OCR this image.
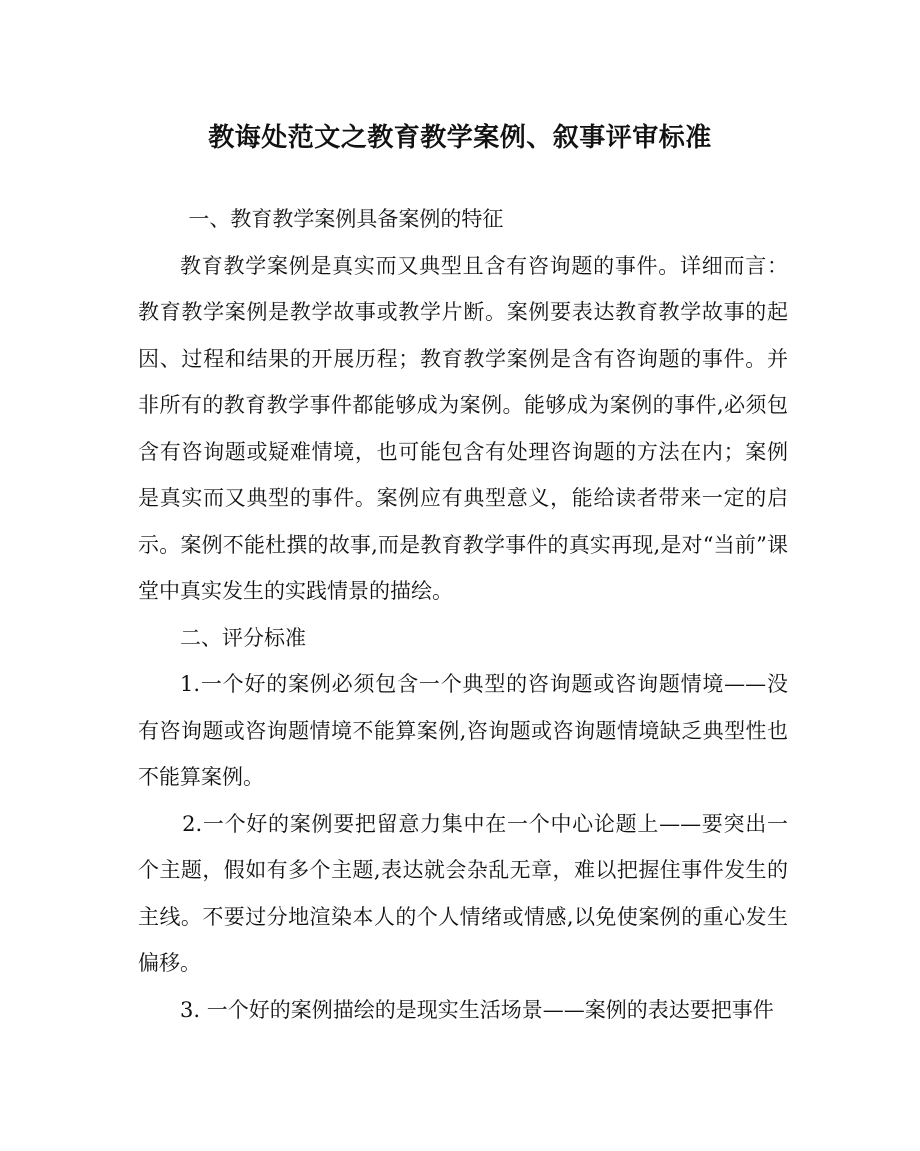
教诲处范文之教育教学案例、叙事评审标准

一、教育教学案例具备案例的特征

教育教学案例是真实而又典型且含有咨询题的事件。详细而言：教育教学案例是教学故事或教学片断。案例要表达教育教学故事的起因、过程和结果的开展历程；教育教学案例是含有咨询题的事件。并非所有的教育教学事件都能够成为案例。能够成为案例的事件,必须包含有咨询题或疑难情境，也可能包含有处理咨询题的方法在内；案例是真实而又典型的事件。案例应有典型意义，能给读者带来一定的启示。案例不能杜撰的故事,而是教育教学事件的真实再现,是对“当前”课堂中真实发生的实践情景的描绘。

二、评分标准

1.一个好的案例必须包含一个典型的咨询题或咨询题情境——没有咨询题或咨询题情境不能算案例,咨询题或咨询题情境缺乏典型性也不能算案例。

2.一个好的案例要把留意力集中在一个中心论题上——要突出一个主题，假如有多个主题,表达就会杂乱无章，难以把握住事件发生的主线。不要过分地渲染本人的个人情绪或情感,以免使案例的重心发生偏移。

3. 一个好的案例描绘的是现实生活场景——案例的表达要把事件
